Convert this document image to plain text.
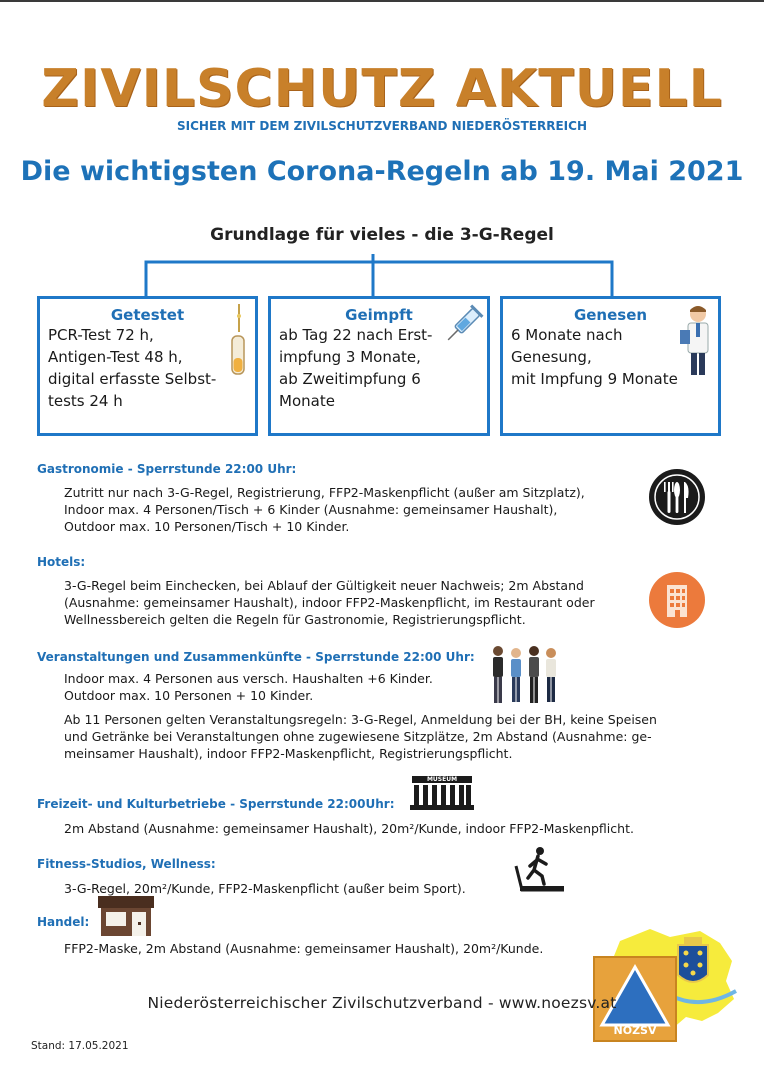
ZIVILSCHUTZ AKTUELL
SICHER MIT DEM ZIVILSCHUTZVERBAND NIEDERÖSTERREICH
Die wichtigsten Corona-Regeln ab 19. Mai 2021
Grundlage für vieles - die 3-G-Regel
Getestet
PCR-Test 72 h,
Antigen-Test 48 h,
digital erfasste Selbst-
tests 24 h
Geimpft
ab Tag 22 nach Erst-
impfung 3 Monate,
ab Zweitimpfung 6
Monate
Genesen
6 Monate nach
Genesung,
mit Impfung 9 Monate
Gastronomie - Sperrstunde 22:00 Uhr:
Zutritt nur nach 3-G-Regel, Registrierung, FFP2-Maskenpflicht (außer am Sitzplatz),
Indoor max. 4 Personen/Tisch + 6 Kinder (Ausnahme: gemeinsamer Haushalt),
Outdoor max. 10 Personen/Tisch + 10 Kinder.
Hotels:
3-G-Regel beim Einchecken, bei Ablauf der Gültigkeit neuer Nachweis; 2m Abstand
(Ausnahme: gemeinsamer Haushalt), indoor FFP2-Maskenpflicht, im Restaurant oder
Wellnessbereich gelten die Regeln für Gastronomie, Registrierungspflicht.
Veranstaltungen und Zusammenkünfte - Sperrstunde 22:00 Uhr:
Indoor max. 4 Personen aus versch. Haushalten +6 Kinder.
Outdoor max. 10 Personen + 10 Kinder.
Ab 11 Personen gelten Veranstaltungsregeln: 3-G-Regel, Anmeldung bei der BH, keine Speisen
und Getränke bei Veranstaltungen ohne zugewiesene Sitzplätze, 2m Abstand (Ausnahme: ge-
meinsamer Haushalt), indoor FFP2-Maskenpflicht, Registrierungspflicht.
Freizeit- und Kulturbetriebe - Sperrstunde 22:00Uhr:
2m Abstand (Ausnahme: gemeinsamer Haushalt), 20m²/Kunde, indoor FFP2-Maskenpflicht.
MUSEUM
Fitness-Studios, Wellness:
3-G-Regel, 20m²/Kunde, FFP2-Maskenpflicht (außer beim Sport).
Handel:
FFP2-Maske, 2m Abstand (Ausnahme: gemeinsamer Haushalt), 20m²/Kunde.
NÖZSV
Niederösterreichischer Zivilschutzverband - www.noezsv.at
Stand: 17.05.2021
